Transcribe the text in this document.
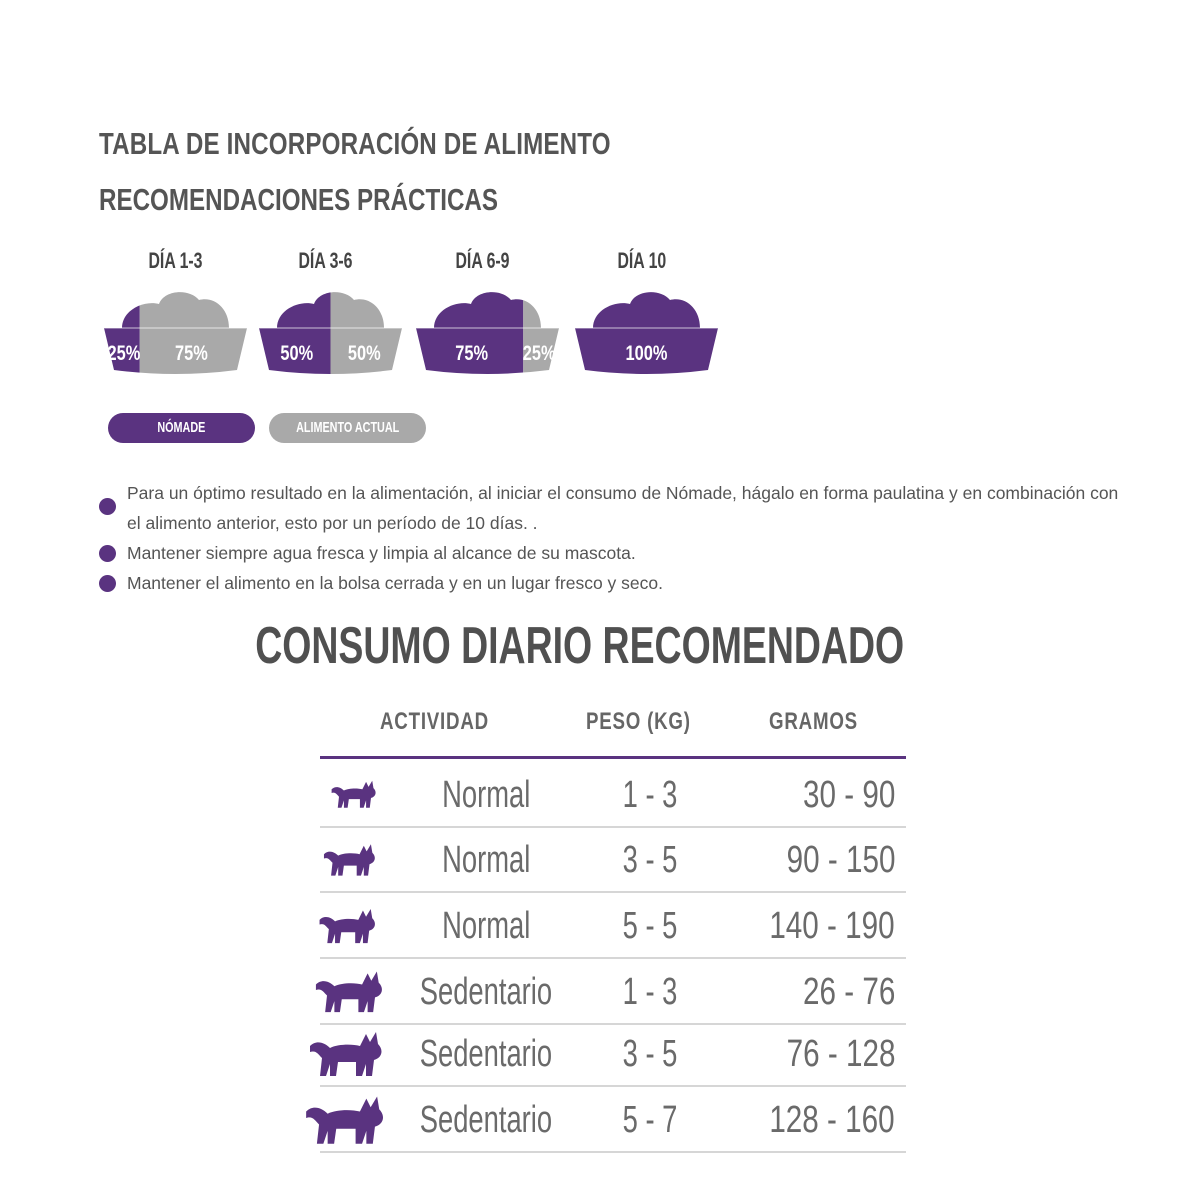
TABLA DE INCORPORACIÓN DE ALIMENTO
RECOMENDACIONES PRÁCTICAS
DÍA 1-3	DÍA 3-6	DÍA 6-9	DÍA 10
25% 75%	50% 50%	75% 25%	100%
NÓMADE	ALIMENTO ACTUAL
Para un óptimo resultado en la alimentación, al iniciar el consumo de Nómade, hágalo en forma paulatina y en combinación con el alimento anterior, esto por un período de 10 días. .
Mantener siempre agua fresca y limpia al alcance de su mascota.
Mantener el alimento en la bolsa cerrada y en un lugar fresco y seco.
CONSUMO DIARIO RECOMENDADO
ACTIVIDAD	PESO (KG)	GRAMOS
Normal	1 - 3	30 - 90
Normal	3 - 5	90 - 150
Normal	5 - 5	140 - 190
Sedentario	1 - 3	26 - 76
Sedentario	3 - 5	76 - 128
Sedentario	5 - 7	128 - 160
